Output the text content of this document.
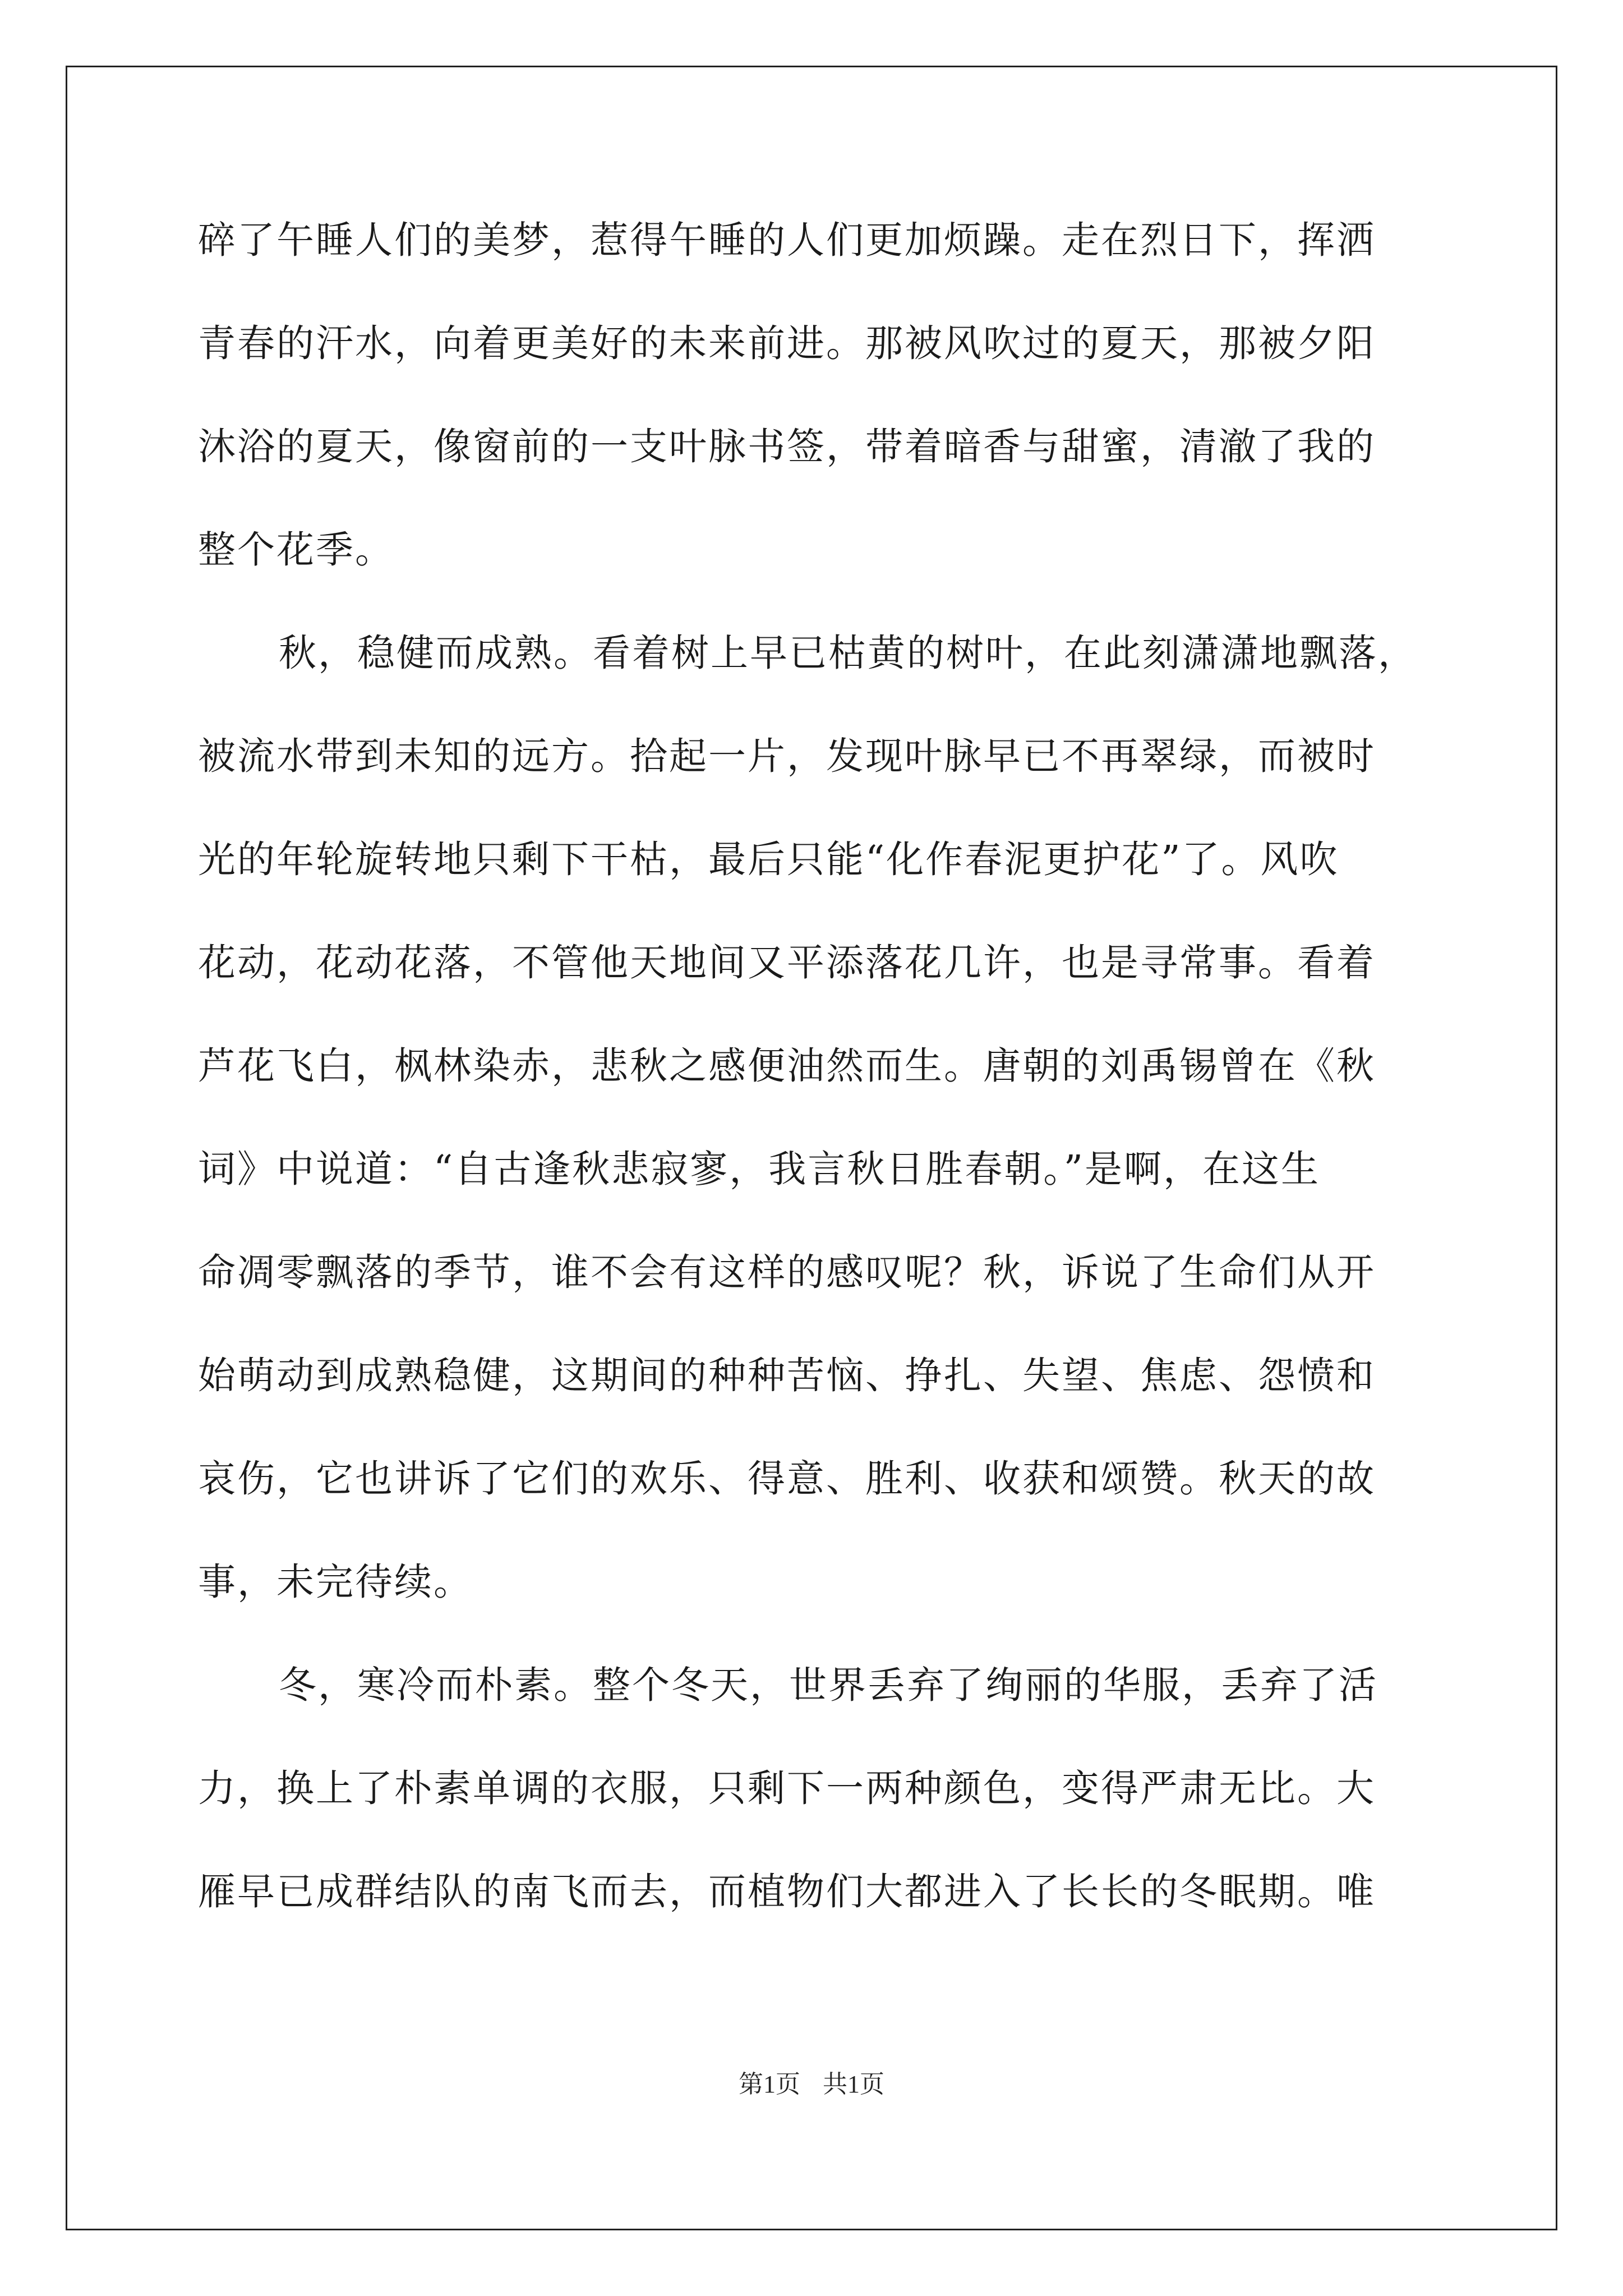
碎了午睡人们的美梦，惹得午睡的人们更加烦躁。走在烈日下，挥洒
青春的汗水，向着更美好的未来前进。那被风吹过的夏天，那被夕阳
沐浴的夏天，像窗前的一支叶脉书签，带着暗香与甜蜜，清澈了我的
整个花季。
秋，稳健而成熟。看着树上早已枯黄的树叶，在此刻潇潇地飘落，
被流水带到未知的远方。拾起一片，发现叶脉早已不再翠绿，而被时
光的年轮旋转地只剩下干枯，最后只能“化作春泥更护花”了。风吹
花动，花动花落，不管他天地间又平添落花几许，也是寻常事。看着
芦花飞白，枫林染赤，悲秋之感便油然而生。唐朝的刘禹锡曾在《秋
词》中说道：“自古逢秋悲寂寥，我言秋日胜春朝。”是啊，在这生
命凋零飘落的季节，谁不会有这样的感叹呢？秋，诉说了生命们从开
始萌动到成熟稳健，这期间的种种苦恼、挣扎、失望、焦虑、怨愤和
哀伤，它也讲诉了它们的欢乐、得意、胜利、收获和颂赞。秋天的故
事，未完待续。
冬，寒冷而朴素。整个冬天，世界丢弃了绚丽的华服，丢弃了活
力，换上了朴素单调的衣服，只剩下一两种颜色，变得严肃无比。大
雁早已成群结队的南飞而去，而植物们大都进入了长长的冬眠期。唯
第1页 共1页
